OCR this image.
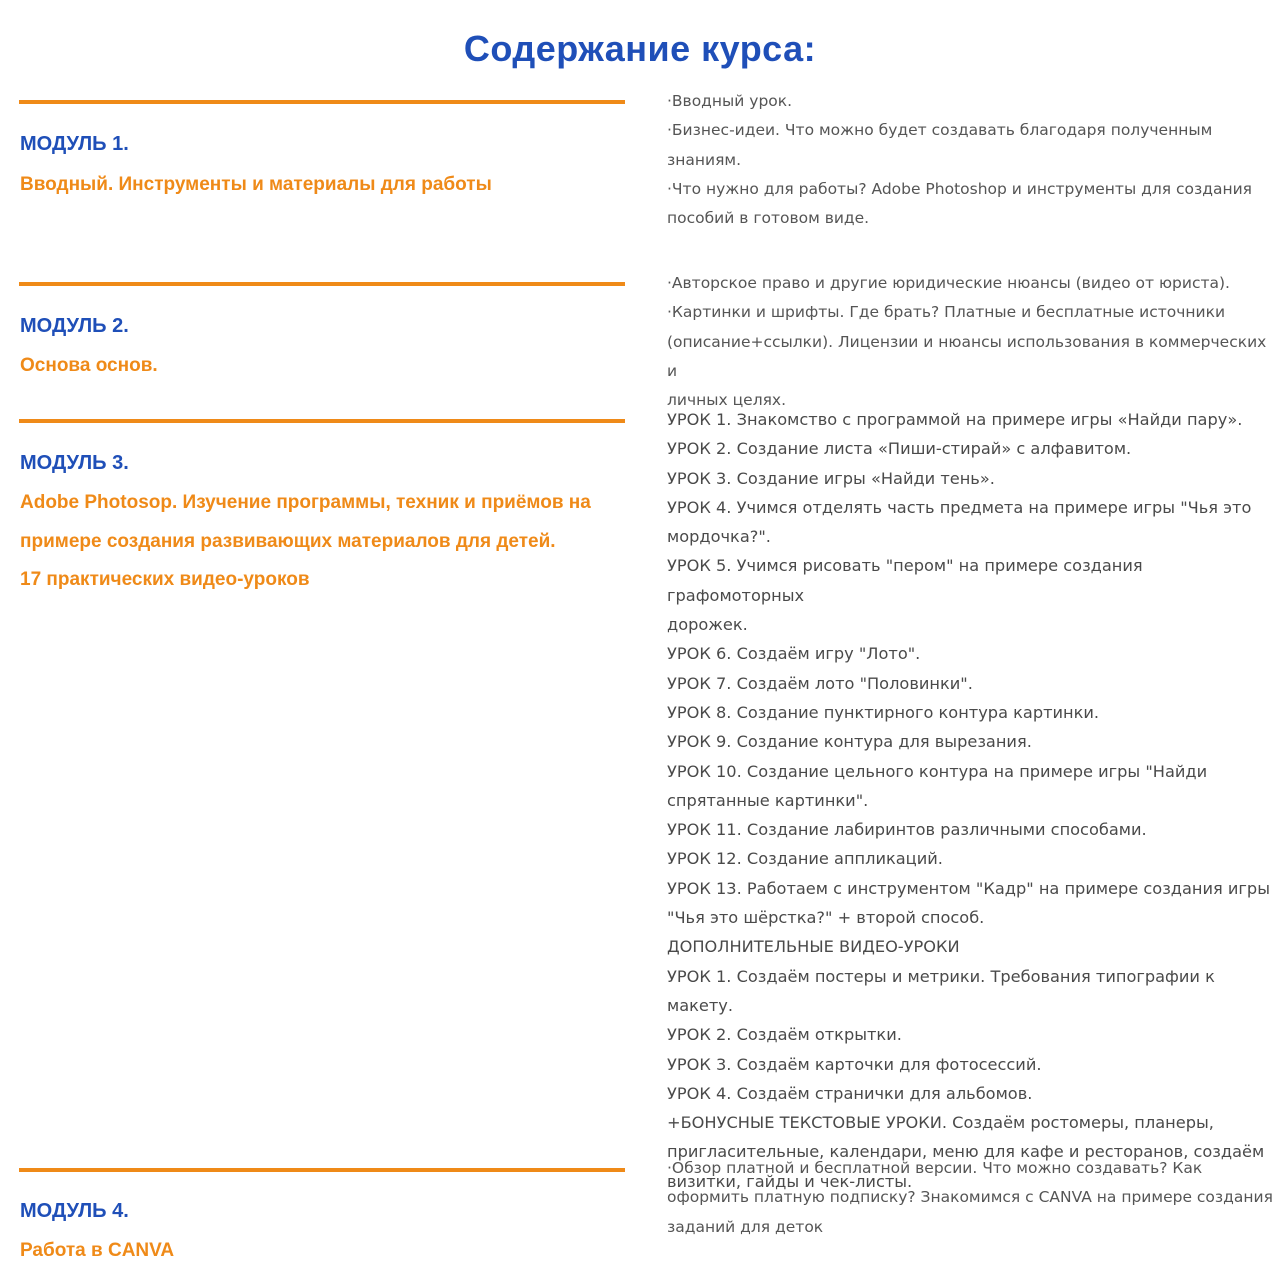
Содержание курса:
МОДУЛЬ 1.
Вводный. Инструменты и материалы для работы
·Вводный урок.
·Бизнес-идеи. Что можно будет создавать благодаря полученным знаниям.
·Что нужно для работы? Adobe Photoshop и инструменты для создания
пособий в готовом виде.
МОДУЛЬ 2.
Основа основ.
·Авторское право и другие юридические нюансы (видео от юриста).
·Картинки и шрифты. Где брать? Платные и бесплатные источники
(описание+ссылки). Лицензии и нюансы использования в коммерческих и
личных целях.
МОДУЛЬ 3.
Adobe Photosop. Изучение программы, техник и приёмов на
примере создания развивающих материалов для детей.
17 практических видео-уроков
УРОК 1. Знакомство с программой на примере игры «Найди пару».
УРОК 2. Создание листа «Пиши-стирай» с алфавитом.
УРОК 3. Создание игры «Найди тень».
УРОК 4. Учимся отделять часть предмета на примере игры "Чья это
мордочка?".
УРОК 5. Учимся рисовать "пером" на примере создания графомоторных
дорожек.
УРОК 6. Создаём игру "Лото".
УРОК 7. Создаём лото "Половинки".
УРОК 8. Создание пунктирного контура картинки.
УРОК 9. Создание контура для вырезания.
УРОК 10. Создание цельного контура на примере игры "Найди
спрятанные картинки".
УРОК 11. Создание лабиринтов различными способами.
УРОК 12. Создание аппликаций.
УРОК 13. Работаем с инструментом "Кадр" на примере создания игры
"Чья это шёрстка?" + второй способ.
ДОПОЛНИТЕЛЬНЫЕ ВИДЕО-УРОКИ
УРОК 1. Создаём постеры и метрики. Требования типографии к макету.
УРОК 2. Создаём открытки.
УРОК 3. Создаём карточки для фотосессий.
УРОК 4. Создаём странички для альбомов.
+БОНУСНЫЕ ТЕКСТОВЫЕ УРОКИ. Создаём ростомеры, планеры,
пригласительные, календари, меню для кафе и ресторанов, создаём
визитки, гайды и чек-листы.
МОДУЛЬ 4.
Работа в CANVA
·Обзор платной и бесплатной версии. Что можно создавать? Как
оформить платную подписку? Знакомимся с CANVA на примере создания
заданий для деток
